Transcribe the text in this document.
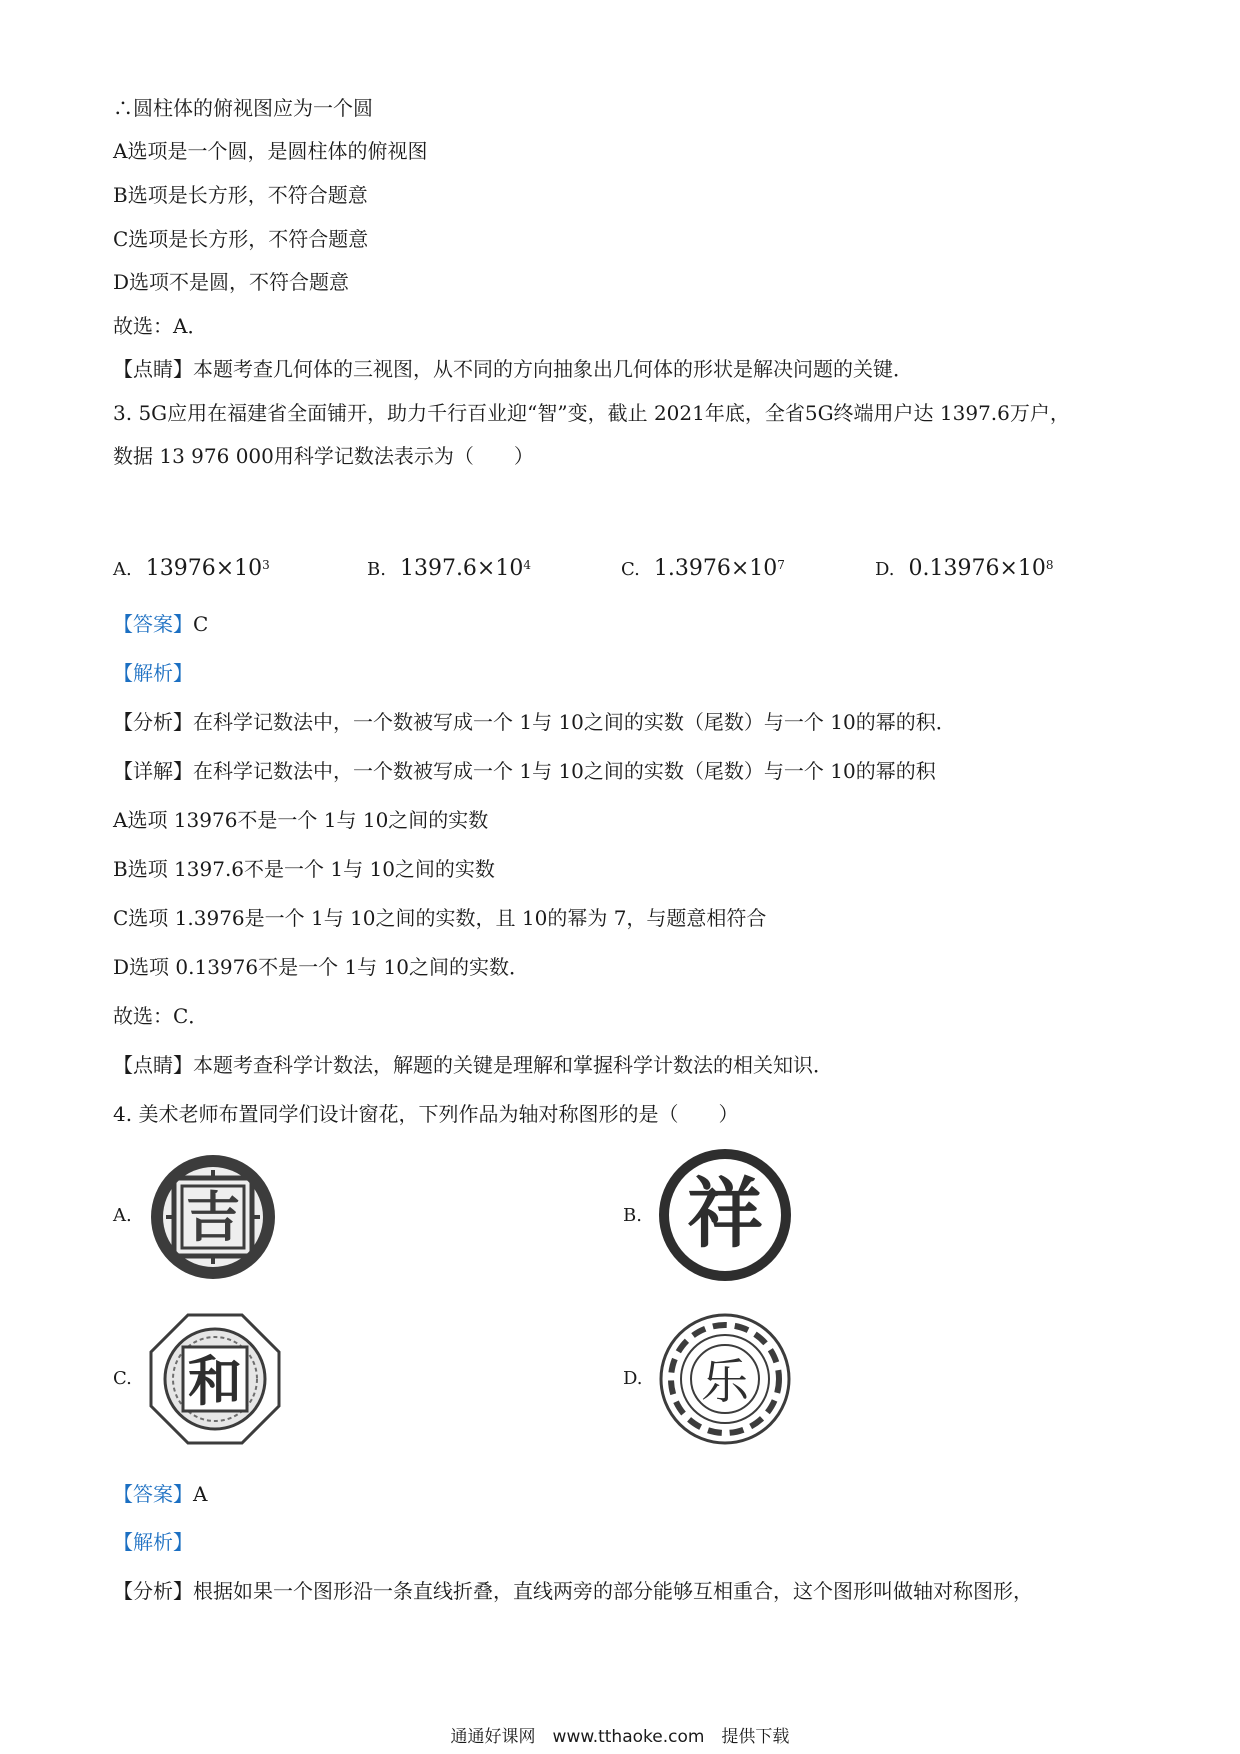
∴圆柱体的俯视图应为一个圆
A选项是一个圆，是圆柱体的俯视图
B选项是长方形，不符合题意
C选项是长方形，不符合题意
D选项不是圆，不符合题意
故选：A．
【点睛】本题考查几何体的三视图，从不同的方向抽象出几何体的形状是解决问题的关键．
3. 5G应用在福建省全面铺开，助力千行百业迎“智”变，截止 2021年底，全省5G终端用户达 1397.6万户，
数据 13 976 000用科学记数法表示为（　　）
A. $13976\times 10^3$	B. $1397.6\times 10^4$	C. $1.3976\times 10^7$	D. $0.13976\times 10^8$
【答案】C
【解析】
【分析】在科学记数法中，一个数被写成一个 1与 10之间的实数（尾数）与一个 10的幂的积．
【详解】在科学记数法中，一个数被写成一个 1与 10之间的实数（尾数）与一个 10的幂的积
A选项 13976不是一个 1与 10之间的实数
B选项 1397.6不是一个 1与 10之间的实数
C选项 1.3976是一个 1与 10之间的实数，且 10的幂为 7，与题意相符合
D选项 0.13976不是一个 1与 10之间的实数．
故选：C．
【点睛】本题考查科学计数法，解题的关键是理解和掌握科学计数法的相关知识．
4. 美术老师布置同学们设计窗花，下列作品为轴对称图形的是（　　）
A. 吉	B. 祥
C. 和	D. 乐
【答案】A
【解析】
【分析】根据如果一个图形沿一条直线折叠，直线两旁的部分能够互相重合，这个图形叫做轴对称图形，
通通好课网　www.tthaoke.com　提供下载
